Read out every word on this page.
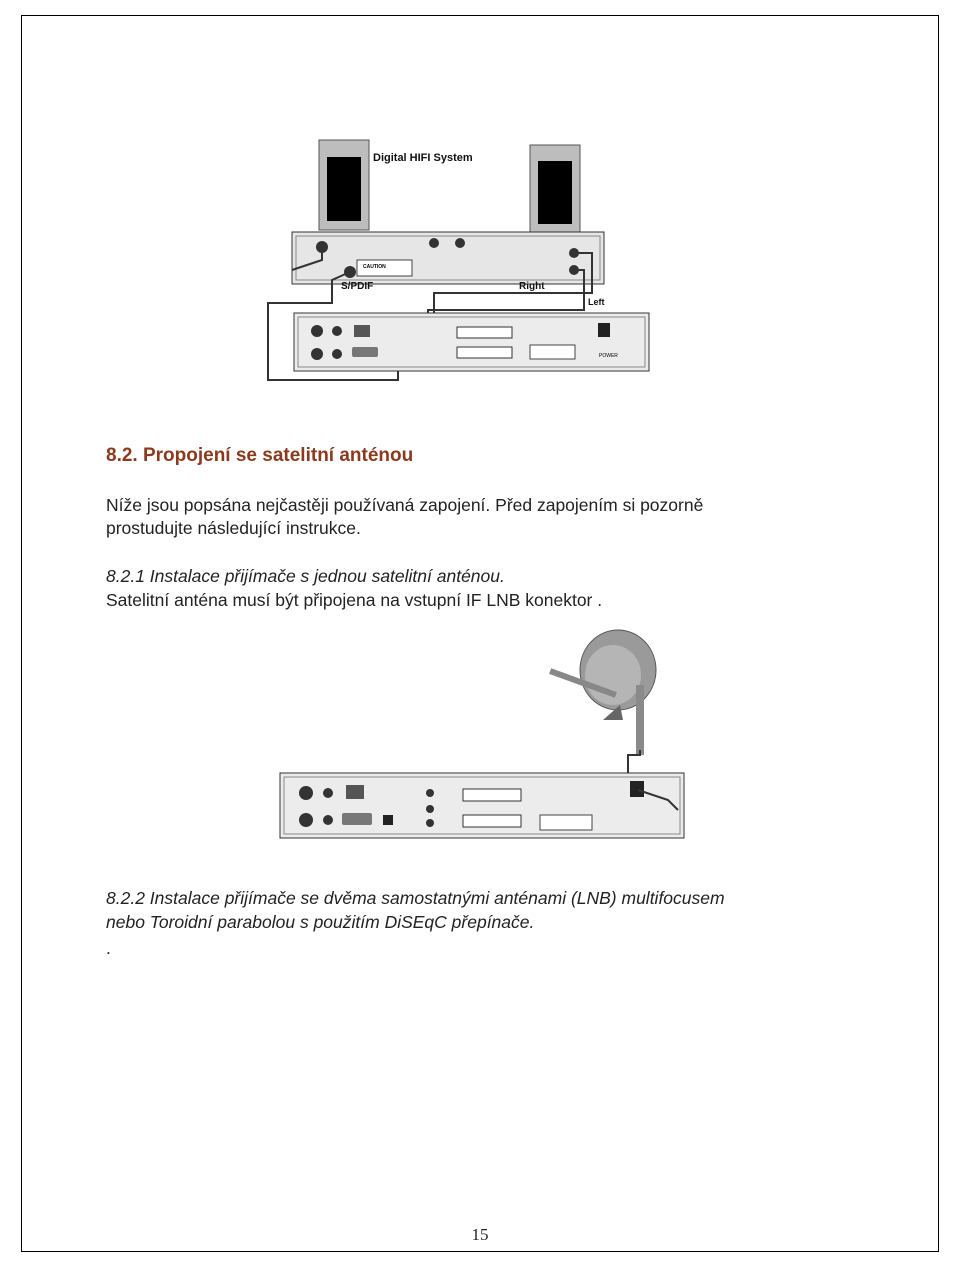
Digital HIFI System
CAUTION
S/PDIF	Right
Left
POWER
8.2. Propojení se satelitní anténou

Níže jsou popsána nejčastěji používaná zapojení. Před zapojením si pozorně

prostudujte následující instrukce.

8.2.1 Instalace přijímače s jednou satelitní anténou.

Satelitní anténa musí být připojena na vstupní IF LNB konektor .

8.2.2 Instalace přijímače se dvěma samostatnými anténami (LNB) multifocusem

nebo Toroidní parabolou s použitím DiSEqC přepínače.

.

15
